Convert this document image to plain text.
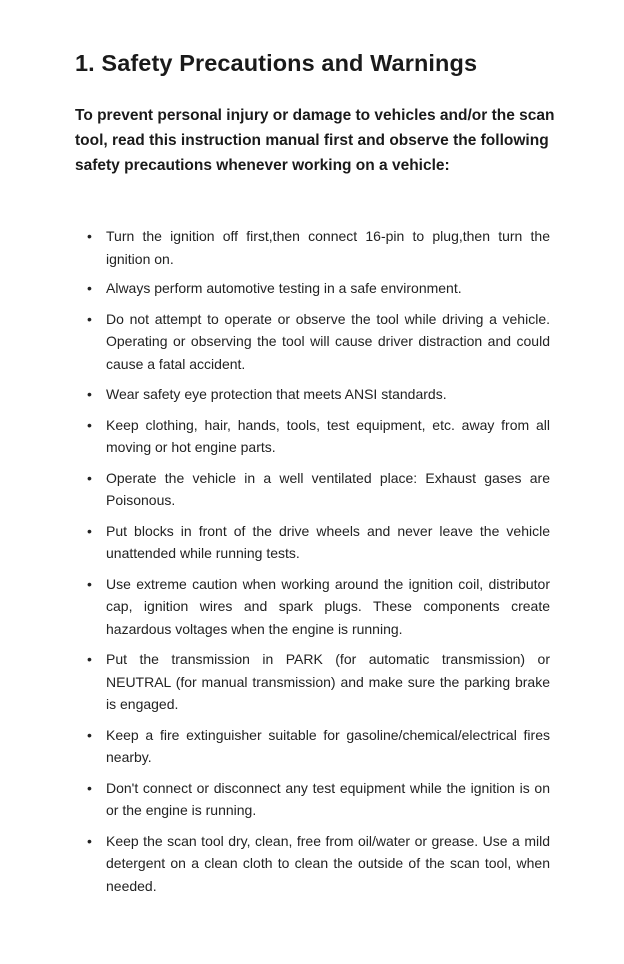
1. Safety Precautions and Warnings

To prevent personal injury or damage to vehicles and/or the scan tool, read this instruction manual first and observe the following safety precautions whenever working on a vehicle:

•	Turn the ignition off first,then connect 16-pin to plug,then turn the ignition on.
•	Always perform automotive testing in a safe environment.
•	Do not attempt to operate or observe the tool while driving a vehicle. Operating or observing the tool will cause driver distraction and could cause a fatal accident.
•	Wear safety eye protection that meets ANSI standards.
•	Keep clothing, hair, hands, tools, test equipment, etc. away from all moving or hot engine parts.
•	Operate the vehicle in a well ventilated place: Exhaust gases are Poisonous.
•	Put blocks in front of the drive wheels and never leave the vehicle unattended while running tests.
•	Use extreme caution when working around the ignition coil, distributor cap, ignition wires and spark plugs. These components create hazardous voltages when the engine is running.
•	Put the transmission in PARK (for automatic transmission) or NEUTRAL (for manual transmission) and make sure the parking brake is engaged.
•	Keep a fire extinguisher suitable for gasoline/chemical/electrical fires nearby.
•	Don't connect or disconnect any test equipment while the ignition is on or the engine is running.
•	Keep the scan tool dry, clean, free from oil/water or grease. Use a mild detergent on a clean cloth to clean the outside of the scan tool, when needed.
